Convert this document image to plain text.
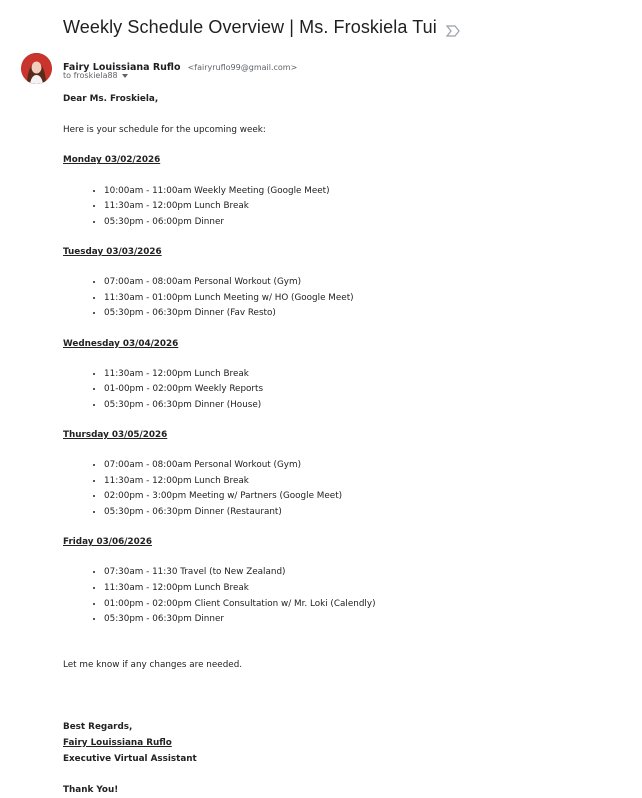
Weekly Schedule Overview | Ms. Froskiela Tui
Fairy Louissiana Ruflo <fairyruflo99@gmail.com>
to froskiela88

Dear Ms. Froskiela,

Here is your schedule for the upcoming week:

Monday 03/02/2026

• 10:00am - 11:00am Weekly Meeting (Google Meet)
• 11:30am - 12:00pm Lunch Break
• 05:30pm - 06:00pm Dinner

Tuesday 03/03/2026

• 07:00am - 08:00am Personal Workout (Gym)
• 11:30am - 01:00pm Lunch Meeting w/ HO (Google Meet)
• 05:30pm - 06:30pm Dinner (Fav Resto)

Wednesday 03/04/2026

• 11:30am - 12:00pm Lunch Break
• 01-00pm - 02:00pm Weekly Reports
• 05:30pm - 06:30pm Dinner (House)

Thursday 03/05/2026

• 07:00am - 08:00am Personal Workout (Gym)
• 11:30am - 12:00pm Lunch Break
• 02:00pm - 3:00pm Meeting w/ Partners (Google Meet)
• 05:30pm - 06:30pm Dinner (Restaurant)

Friday 03/06/2026

• 07:30am - 11:30 Travel (to New Zealand)
• 11:30am - 12:00pm Lunch Break
• 01:00pm - 02:00pm Client Consultation w/ Mr. Loki (Calendly)
• 05:30pm - 06:30pm Dinner

Let me know if any changes are needed.

Best Regards,

Fairy Louissiana Ruflo

Executive Virtual Assistant

Thank You!
